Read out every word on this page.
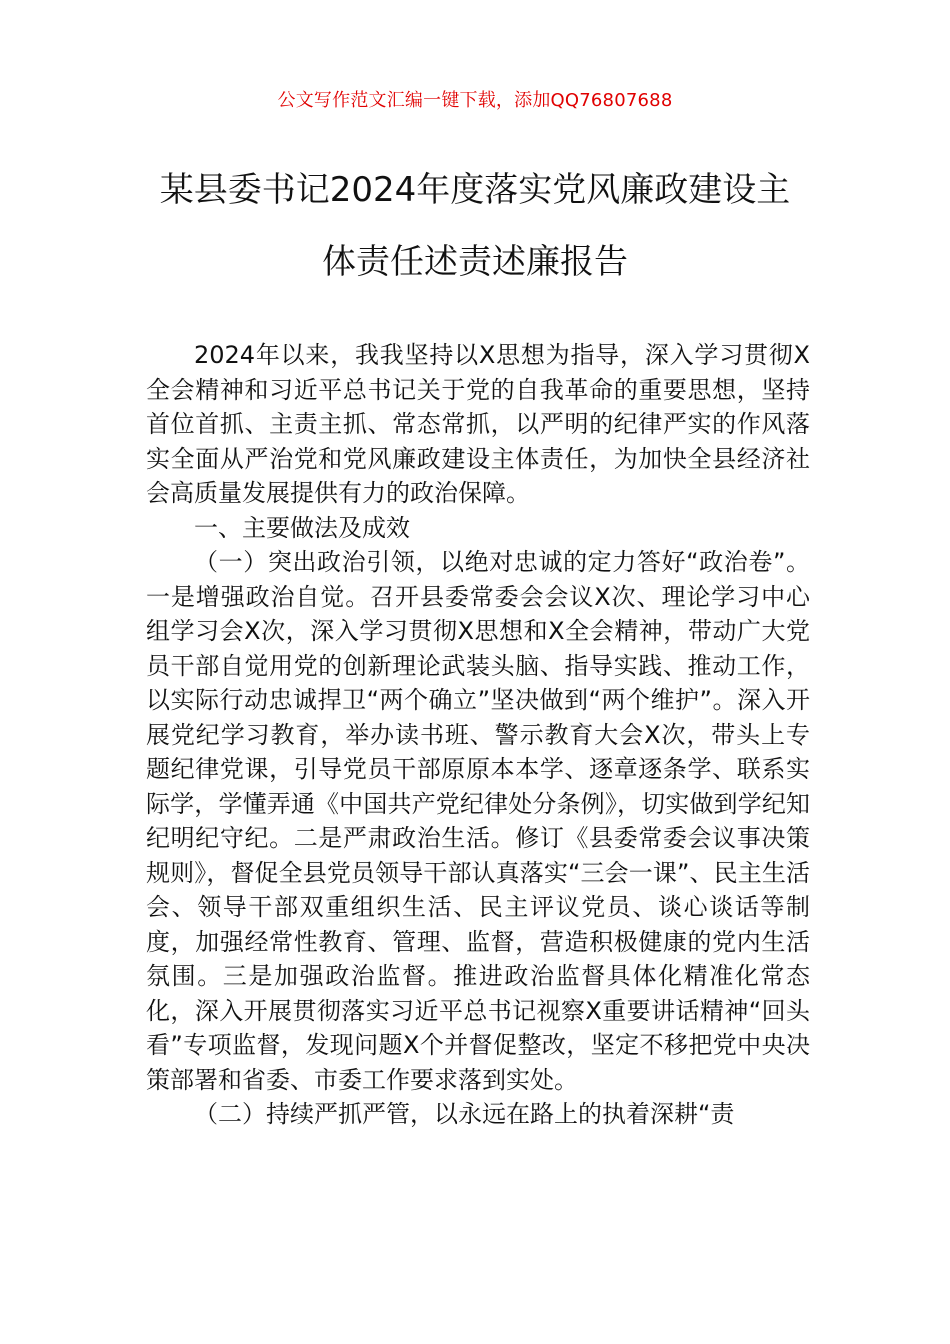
公文写作范文汇编一键下载，添加QQ76807688
某县委书记2024年度落实党风廉政建设主
体责任述责述廉报告

2024年以来，我我坚持以X思想为指导，深入学习贯彻X全会精神和习近平总书记关于党的自我革命的重要思想，坚持首位首抓、主责主抓、常态常抓，以严明的纪律严实的作风落实全面从严治党和党风廉政建设主体责任，为加快全县经济社会高质量发展提供有力的政治保障。

一、主要做法及成效

（一）突出政治引领，以绝对忠诚的定力答好“政治卷”。一是增强政治自觉。召开县委常委会会议X次、理论学习中心组学习会X次，深入学习贯彻X思想和X全会精神，带动广大党员干部自觉用党的创新理论武装头脑、指导实践、推动工作，以实际行动忠诚捍卫“两个确立”坚决做到“两个维护”。深入开展党纪学习教育，举办读书班、警示教育大会X次，带头上专题纪律党课，引导党员干部原原本本学、逐章逐条学、联系实际学，学懂弄通《中国共产党纪律处分条例》，切实做到学纪知纪明纪守纪。二是严肃政治生活。修订《县委常委会议事决策规则》，督促全县党员领导干部认真落实“三会一课”、民主生活会、领导干部双重组织生活、民主评议党员、谈心谈话等制度，加强经常性教育、管理、监督，营造积极健康的党内生活氛围。三是加强政治监督。推进政治监督具体化精准化常态化，深入开展贯彻落实习近平总书记视察X重要讲话精神“回头看”专项监督，发现问题X个并督促整改，坚定不移把党中央决策部署和省委、市委工作要求落到实处。

（二）持续严抓严管，以永远在路上的执着深耕“责
